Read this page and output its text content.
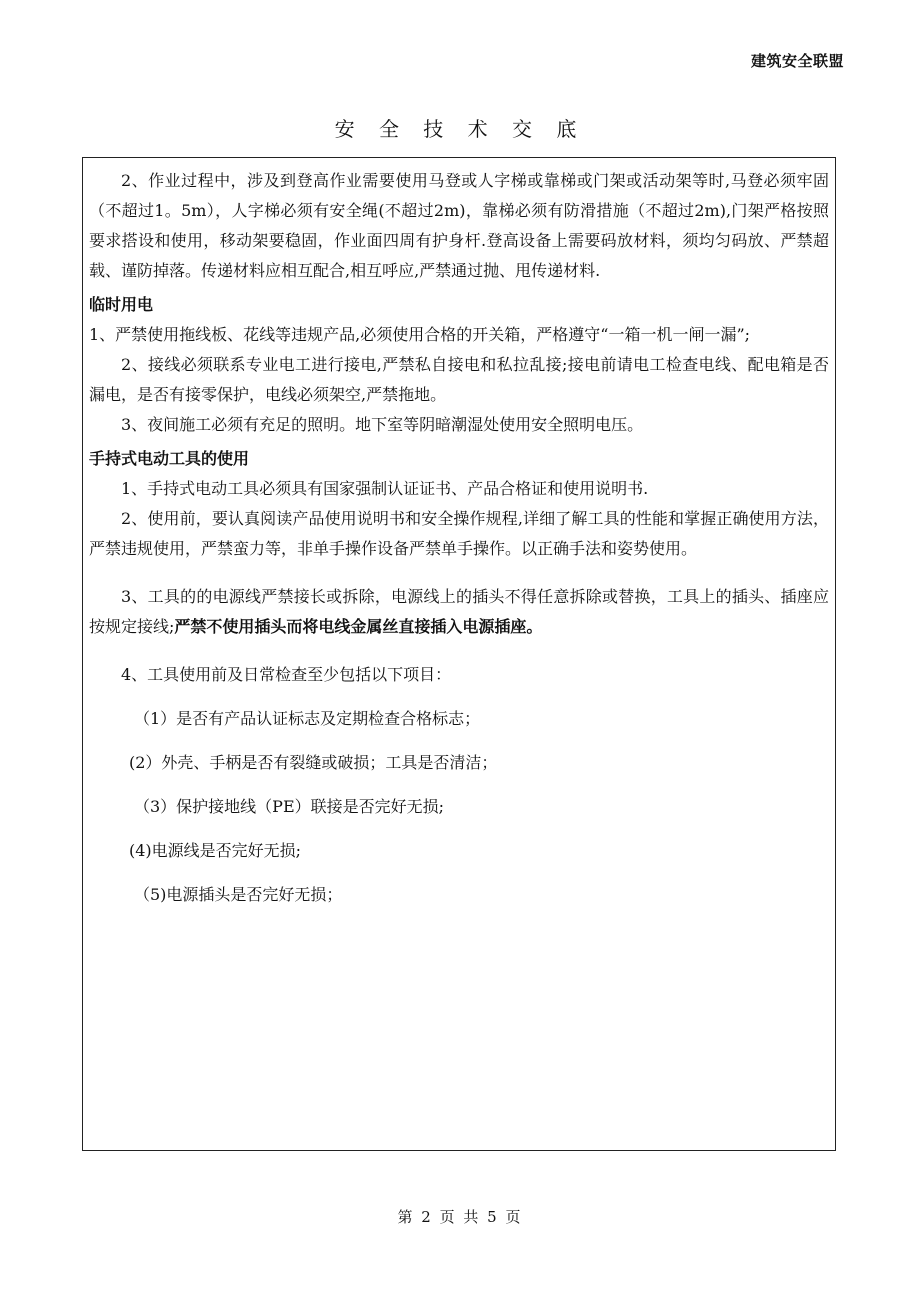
建筑安全联盟
安 全 技 术 交 底

2、作业过程中，涉及到登高作业需要使用马登或人字梯或靠梯或门架或活动架等时,马登必须牢固（不超过1。5m），人字梯必须有安全绳(不超过2m)，靠梯必须有防滑措施（不超过2m),门架严格按照要求搭设和使用，移动架要稳固，作业面四周有护身杆.登高设备上需要码放材料，须均匀码放、严禁超载、谨防掉落。传递材料应相互配合,相互呼应,严禁通过抛、甩传递材料.

临时用电

1、严禁使用拖线板、花线等违规产品,必须使用合格的开关箱，严格遵守“一箱一机一闸一漏”;

2、接线必须联系专业电工进行接电,严禁私自接电和私拉乱接;接电前请电工检查电线、配电箱是否漏电，是否有接零保护，电线必须架空,严禁拖地。

3、夜间施工必须有充足的照明。地下室等阴暗潮湿处使用安全照明电压。

手持式电动工具的使用

1、手持式电动工具必须具有国家强制认证证书、产品合格证和使用说明书.

2、使用前，要认真阅读产品使用说明书和安全操作规程,详细了解工具的性能和掌握正确使用方法，严禁违规使用，严禁蛮力等，非单手操作设备严禁单手操作。以正确手法和姿势使用。

3、工具的的电源线严禁接长或拆除，电源线上的插头不得任意拆除或替换，工具上的插头、插座应按规定接线;严禁不使用插头而将电线金属丝直接插入电源插座。

4、工具使用前及日常检查至少包括以下项目：

（1）是否有产品认证标志及定期检查合格标志；

(2）外壳、手柄是否有裂缝或破损；工具是否清洁；

（3）保护接地线（PE）联接是否完好无损;

(4)电源线是否完好无损;

（5)电源插头是否完好无损；

第 2 页 共 5 页
